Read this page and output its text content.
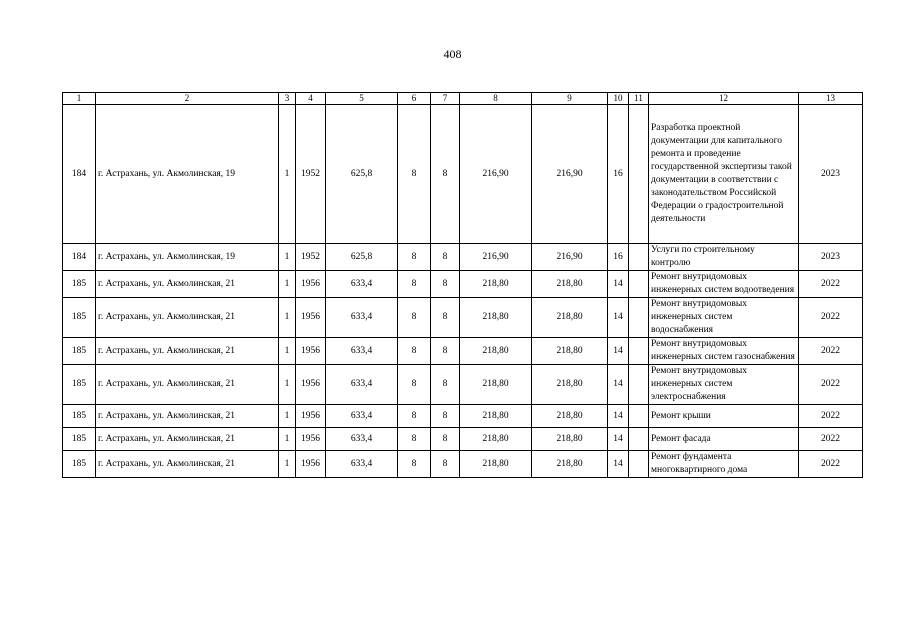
408
1	2	3	4	5	6	7	8	9	10	11	12	13
184	г. Астрахань, ул. Акмолинская, 19	1	1952	625,8	8	8	216,90	216,90	16		Разработка проектной документации для капитального ремонта и проведение государственной экспертизы такой документации в соответствии с законодательством Российской Федерации о градостроительной деятельности	2023
184	г. Астрахань, ул. Акмолинская, 19	1	1952	625,8	8	8	216,90	216,90	16		Услуги по строительному контролю	2023
185	г. Астрахань, ул. Акмолинская, 21	1	1956	633,4	8	8	218,80	218,80	14		Ремонт внутридомовых инженерных систем водоотведения	2022
185	г. Астрахань, ул. Акмолинская, 21	1	1956	633,4	8	8	218,80	218,80	14		Ремонт внутридомовых инженерных систем водоснабжения	2022
185	г. Астрахань, ул. Акмолинская, 21	1	1956	633,4	8	8	218,80	218,80	14		Ремонт внутридомовых инженерных систем газоснабжения	2022
185	г. Астрахань, ул. Акмолинская, 21	1	1956	633,4	8	8	218,80	218,80	14		Ремонт внутридомовых инженерных систем электроснабжения	2022
185	г. Астрахань, ул. Акмолинская, 21	1	1956	633,4	8	8	218,80	218,80	14		Ремонт крыши	2022
185	г. Астрахань, ул. Акмолинская, 21	1	1956	633,4	8	8	218,80	218,80	14		Ремонт фасада	2022
185	г. Астрахань, ул. Акмолинская, 21	1	1956	633,4	8	8	218,80	218,80	14		Ремонт фундамента многоквартирного дома	2022
